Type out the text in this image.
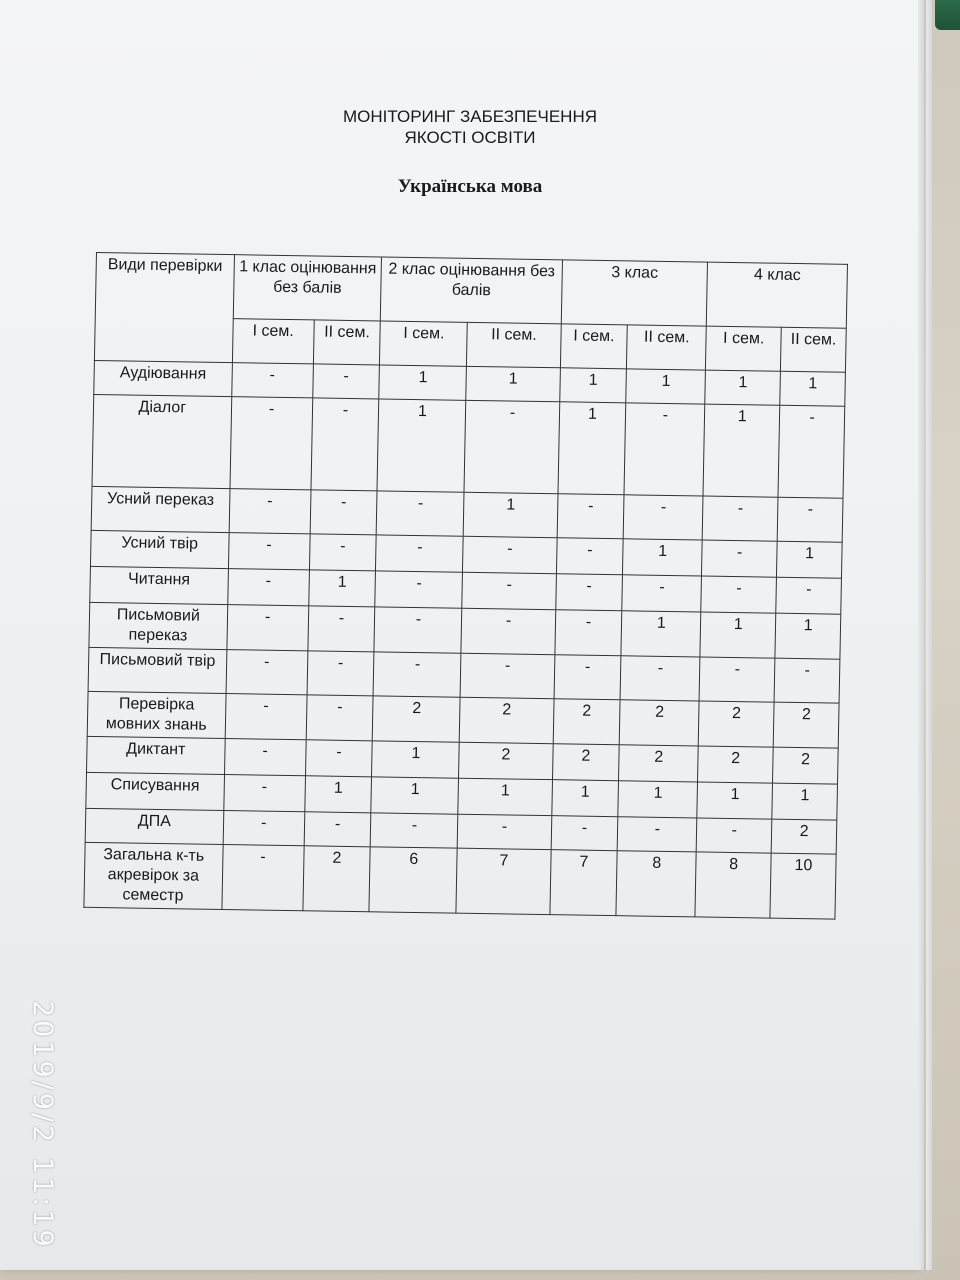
МОНІТОРИНГ ЗАБЕЗПЕЧЕННЯ
ЯКОСТІ ОСВІТИ
Українська мова
Види перевірки	1 клас оцінювання без балів		2 клас оцінювання без балів		3 клас		4 клас	
	I сем.	II сем.	I сем.	II сем.	I сем.	II сем.	I сем.	II сем.
Аудіювання	-	-	1	1	1	1	1	1
Діалог	-	-	1	-	1	-	1	-
Усний переказ	-	-	-	1	-	-	-	-
Усний твір	-	-	-	-	-	1	-	1
Читання	-	1	-	-	-	-	-	-
Письмовий переказ	-	-	-	-	-	1	1	1
Письмовий твір	-	-	-	-	-	-	-	-
Перевірка мовних знань	-	-	2	2	2	2	2	2
Диктант	-	-	1	2	2	2	2	2
Списування	-	1	1	1	1	1	1	1
ДПА	-	-	-	-	-	-	-	2
Загальна к-ть акревірок за семестр	-	2	6	7	7	8	8	10
2019/9/2 11:19
